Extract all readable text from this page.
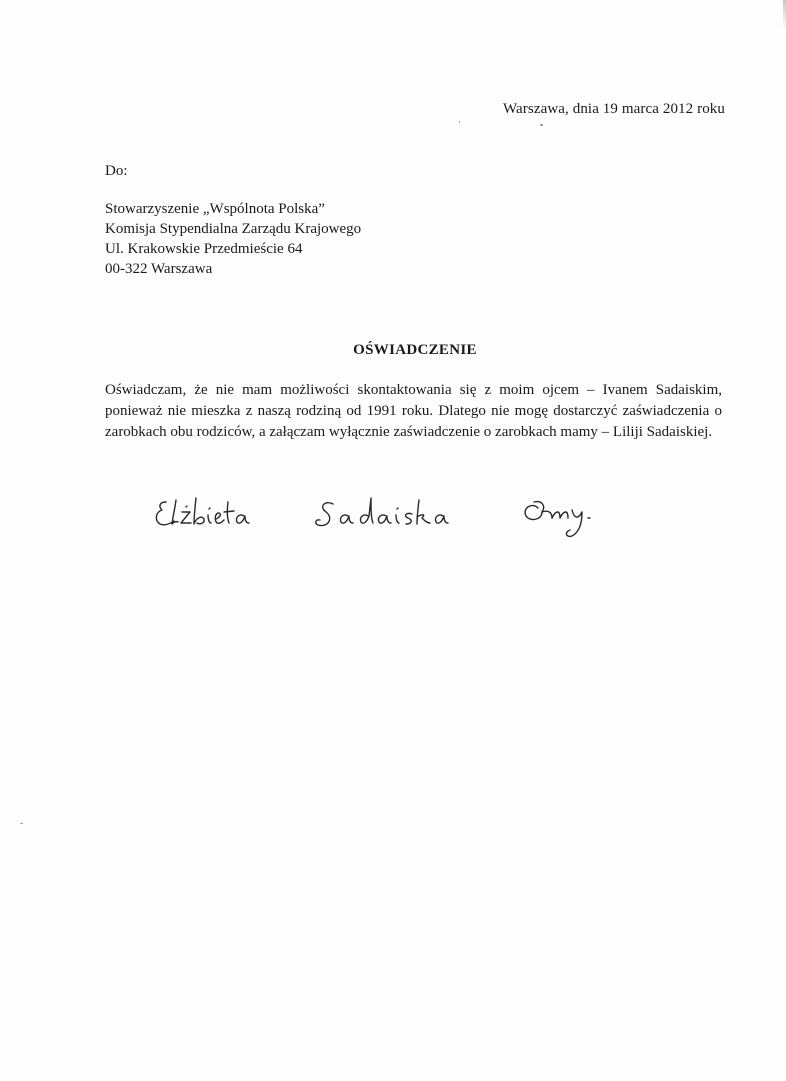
Warszawa, dnia 19 marca 2012 roku
Do:
Stowarzyszenie „Wspólnota Polska”
Komisja Stypendialna Zarządu Krajowego
Ul. Krakowskie Przedmieście 64
00-322 Warszawa
OŚWIADCZENIE
Oświadczam, że nie mam możliwości skontaktowania się z moim ojcem – Ivanem Sadaiskim, ponieważ nie mieszka z naszą rodziną od 1991 roku. Dlatego nie mogę dostarczyć zaświadczenia o zarobkach obu rodziców, a załączam wyłącznie zaświadczenie o zarobkach mamy – Liliji Sadaiskiej.
